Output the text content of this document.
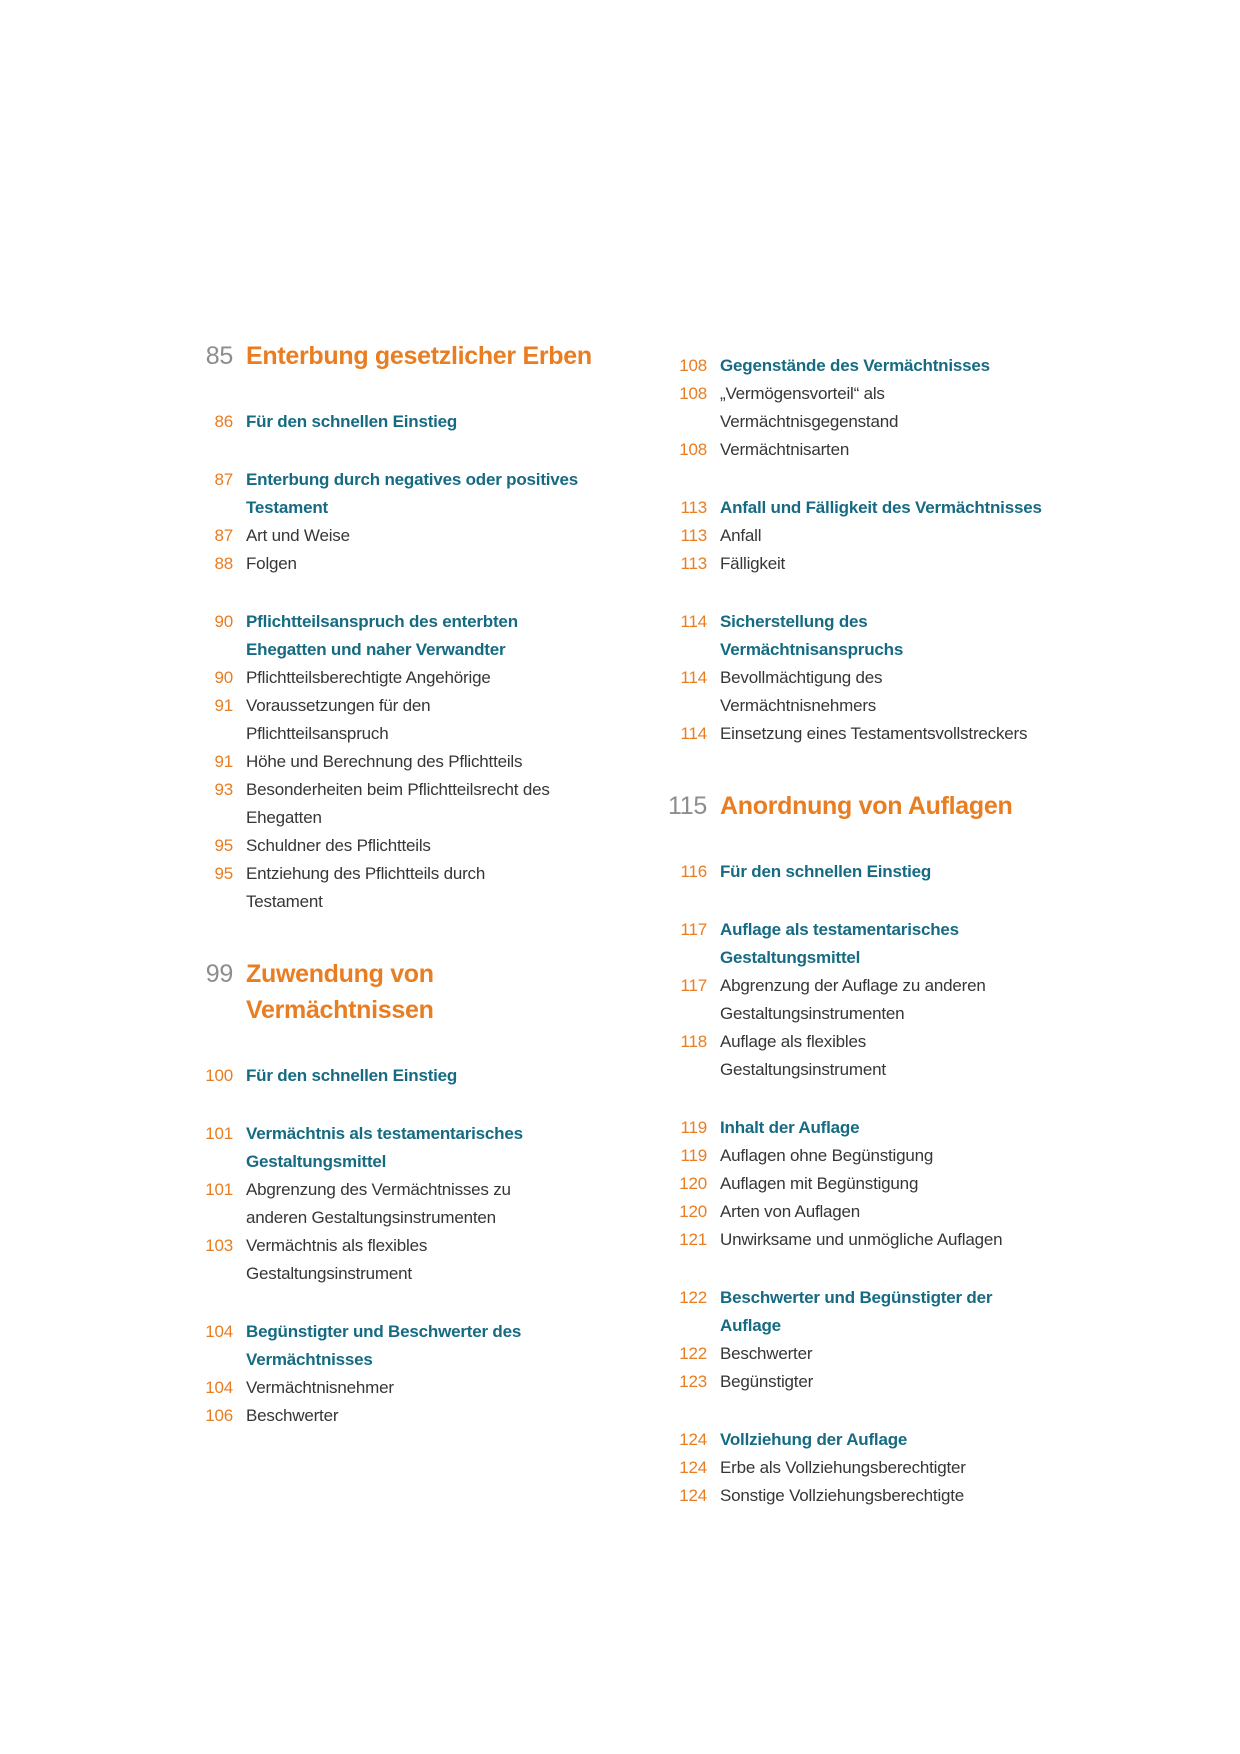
85 Enterbung gesetzlicher Erben
86 Für den schnellen Einstieg
87 Enterbung durch negatives oder positives
Testament
87 Art und Weise
88 Folgen
90 Pflichtteilsanspruch des enterbten
Ehegatten und naher Verwandter
90 Pflichtteilsberechtigte Angehörige
91 Voraussetzungen für den
Pflichtteilsanspruch
91 Höhe und Berechnung des Pflichtteils
93 Besonderheiten beim Pflichtteilsrecht des
Ehegatten
95 Schuldner des Pflichtteils
95 Entziehung des Pflichtteils durch
Testament
99 Zuwendung von
Vermächtnissen
100 Für den schnellen Einstieg
101 Vermächtnis als testamentarisches
Gestaltungsmittel
101 Abgrenzung des Vermächtnisses zu
anderen Gestaltungsinstrumenten
103 Vermächtnis als flexibles
Gestaltungsinstrument
104 Begünstigter und Beschwerter des
Vermächtnisses
104 Vermächtnisnehmer
106 Beschwerter
108 Gegenstände des Vermächtnisses
108 „Vermögensvorteil“ als
Vermächtnisgegenstand
108 Vermächtnisarten
113 Anfall und Fälligkeit des Vermächtnisses
113 Anfall
113 Fälligkeit
114 Sicherstellung des
Vermächtnisanspruchs
114 Bevollmächtigung des
Vermächtnisnehmers
114 Einsetzung eines Testamentsvollstreckers
115 Anordnung von Auflagen
116 Für den schnellen Einstieg
117 Auflage als testamentarisches
Gestaltungsmittel
117 Abgrenzung der Auflage zu anderen
Gestaltungsinstrumenten
118 Auflage als flexibles
Gestaltungsinstrument
119 Inhalt der Auflage
119 Auflagen ohne Begünstigung
120 Auflagen mit Begünstigung
120 Arten von Auflagen
121 Unwirksame und unmögliche Auflagen
122 Beschwerter und Begünstigter der
Auflage
122 Beschwerter
123 Begünstigter
124 Vollziehung der Auflage
124 Erbe als Vollziehungsberechtigter
124 Sonstige Vollziehungsberechtigte
